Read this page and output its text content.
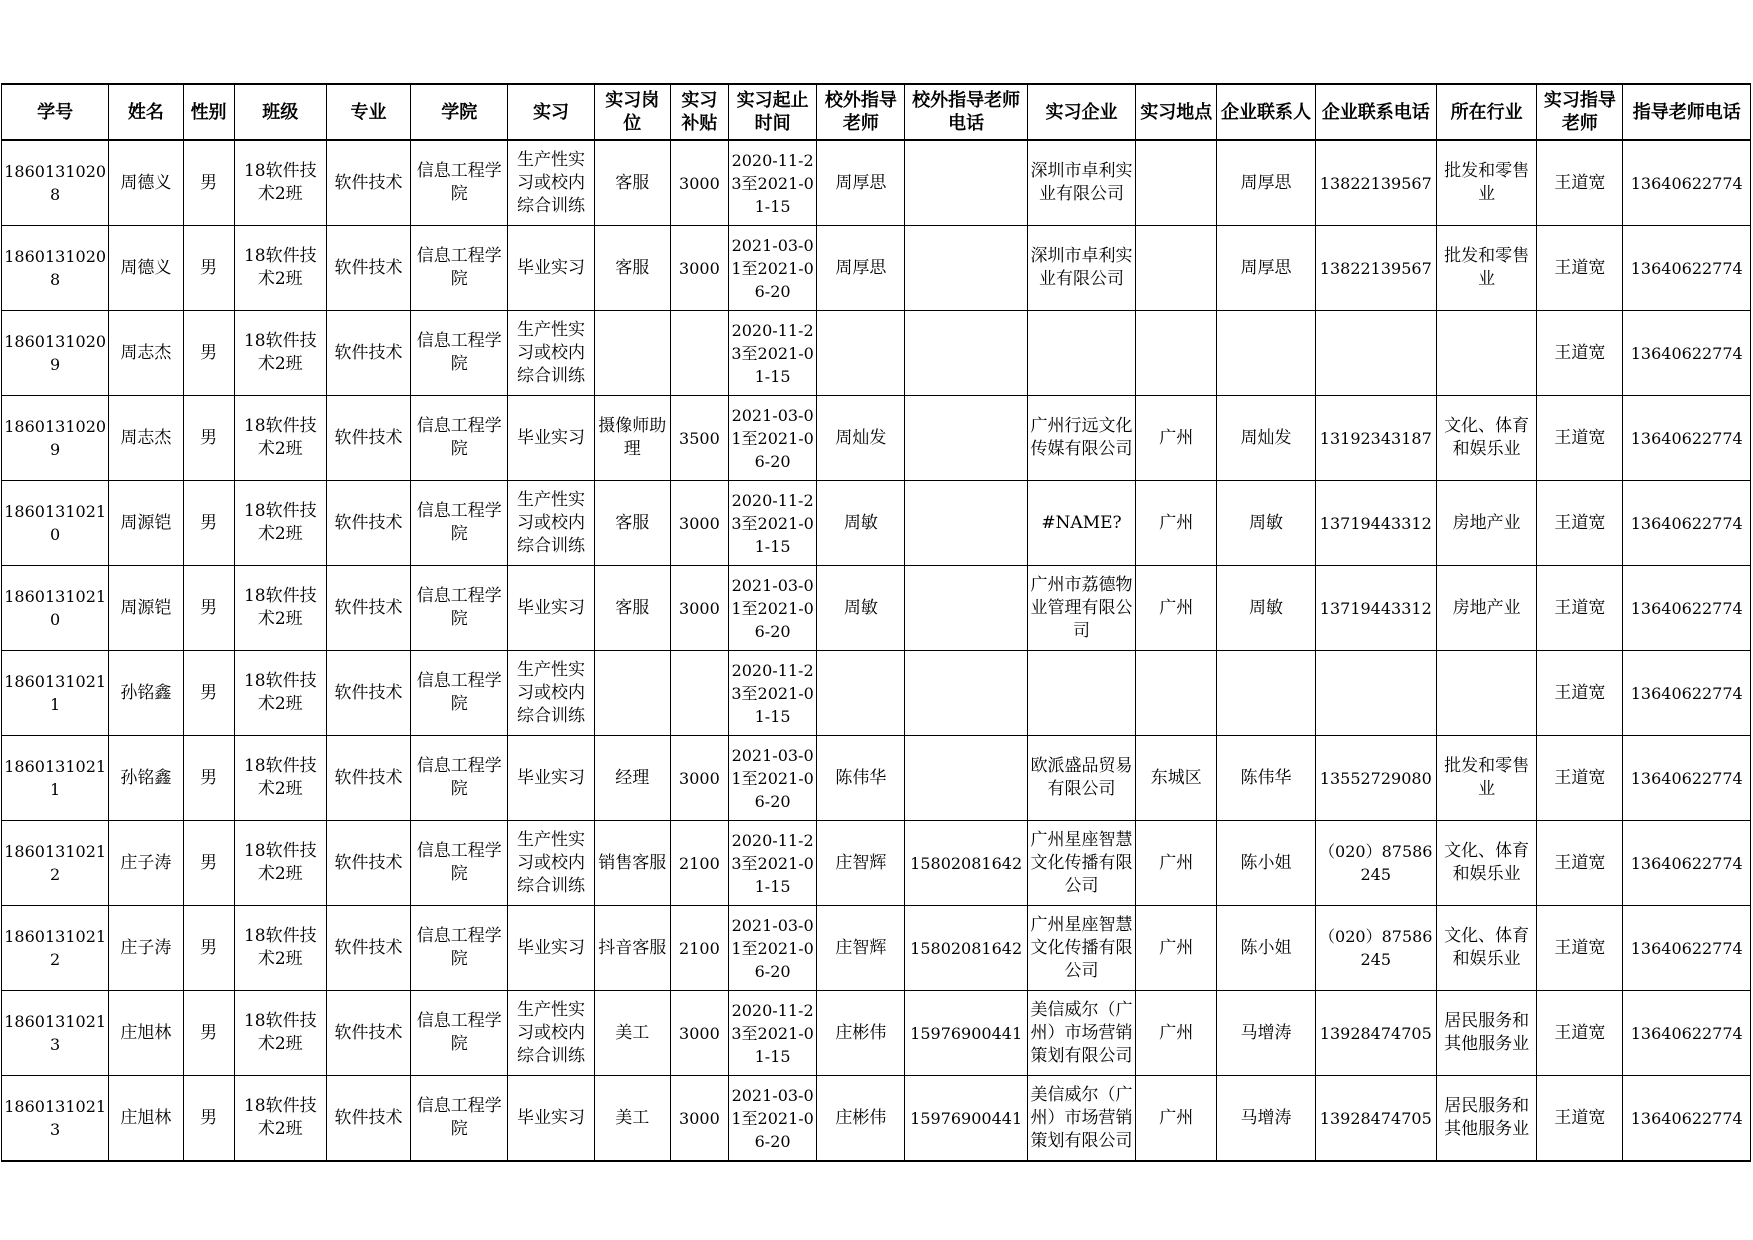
学号	姓名	性别	班级	专业	学院	实习	实习岗位	实习补贴	实习起止时间	校外指导老师	校外指导老师电话	实习企业	实习地点	企业联系人	企业联系电话	所在行业	实习指导老师	指导老师电话

18601310208	周德义	男	18软件技术2班	软件技术	信息工程学院	生产性实习或校内综合训练	客服	3000	2020-11-23至2021-01-15	周厚思		深圳市卓利实业有限公司		周厚思	13822139567	批发和零售业	王道宽	13640622774

18601310208	周德义	男	18软件技术2班	软件技术	信息工程学院	毕业实习	客服	3000	2021-03-01至2021-06-20	周厚思		深圳市卓利实业有限公司		周厚思	13822139567	批发和零售业	王道宽	13640622774

18601310209	周志杰	男	18软件技术2班	软件技术	信息工程学院	生产性实习或校内综合训练			2020-11-23至2021-01-15								王道宽	13640622774

18601310209	周志杰	男	18软件技术2班	软件技术	信息工程学院	毕业实习	摄像师助理	3500	2021-03-01至2021-06-20	周灿发		广州行远文化传媒有限公司	广州	周灿发	13192343187	文化、体育和娱乐业	王道宽	13640622774

18601310210	周源铠	男	18软件技术2班	软件技术	信息工程学院	生产性实习或校内综合训练	客服	3000	2020-11-23至2021-01-15	周敏		#NAME?	广州	周敏	13719443312	房地产业	王道宽	13640622774

18601310210	周源铠	男	18软件技术2班	软件技术	信息工程学院	毕业实习	客服	3000	2021-03-01至2021-06-20	周敏		广州市荔德物业管理有限公司	广州	周敏	13719443312	房地产业	王道宽	13640622774

18601310211	孙铭鑫	男	18软件技术2班	软件技术	信息工程学院	生产性实习或校内综合训练			2020-11-23至2021-01-15								王道宽	13640622774

18601310211	孙铭鑫	男	18软件技术2班	软件技术	信息工程学院	毕业实习	经理	3000	2021-03-01至2021-06-20	陈伟华		欧派盛品贸易有限公司	东城区	陈伟华	13552729080	批发和零售业	王道宽	13640622774

18601310212	庄子涛	男	18软件技术2班	软件技术	信息工程学院	生产性实习或校内综合训练	销售客服	2100	2020-11-23至2021-01-15	庄智辉	15802081642	广州星座智慧文化传播有限公司	广州	陈小姐	（020）87586245	文化、体育和娱乐业	王道宽	13640622774

18601310212	庄子涛	男	18软件技术2班	软件技术	信息工程学院	毕业实习	抖音客服	2100	2021-03-01至2021-06-20	庄智辉	15802081642	广州星座智慧文化传播有限公司	广州	陈小姐	（020）87586245	文化、体育和娱乐业	王道宽	13640622774

18601310213	庄旭林	男	18软件技术2班	软件技术	信息工程学院	生产性实习或校内综合训练	美工	3000	2020-11-23至2021-01-15	庄彬伟	15976900441	美信威尔（广州）市场营销策划有限公司	广州	马增涛	13928474705	居民服务和其他服务业	王道宽	13640622774

18601310213	庄旭林	男	18软件技术2班	软件技术	信息工程学院	毕业实习	美工	3000	2021-03-01至2021-06-20	庄彬伟	15976900441	美信威尔（广州）市场营销策划有限公司	广州	马增涛	13928474705	居民服务和其他服务业	王道宽	13640622774
